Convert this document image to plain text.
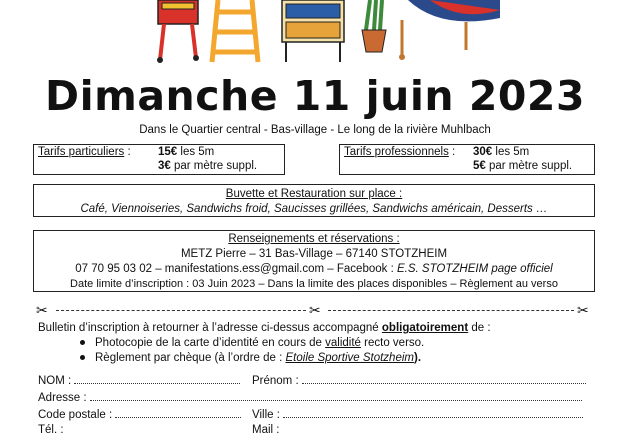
Dimanche 11 juin 2023
Dans le Quartier central - Bas-village - Le long de la rivière Muhlbach
Tarifs particuliers : 15€ les 5m
3€ par mètre suppl.
Tarifs professionnels : 30€ les 5m
5€ par mètre suppl.
Buvette et Restauration sur place :
Café, Viennoiseries, Sandwichs froid, Saucisses grillées, Sandwichs américain, Desserts …
Renseignements et réservations :
METZ Pierre – 31 Bas-Village – 67140 STOTZHEIM
07 70 95 03 02 – manifestations.ess@gmail.com – Facebook : E.S. STOTZHEIM page officiel
Date limite d’inscription : 03 Juin 2023 – Dans la limite des places disponibles – Règlement au verso
✂	✂	✂
Bulletin d’inscription à retourner à l’adresse ci-dessus accompagné obligatoirement de :
Photocopie de la carte d’identité en cours de validité recto verso.
Règlement par chèque (à l’ordre de : Etoile Sportive Stotzheim).
NOM :	Prénom :
Adresse :
Code postale :	Ville :
Tél. :	Mail :
